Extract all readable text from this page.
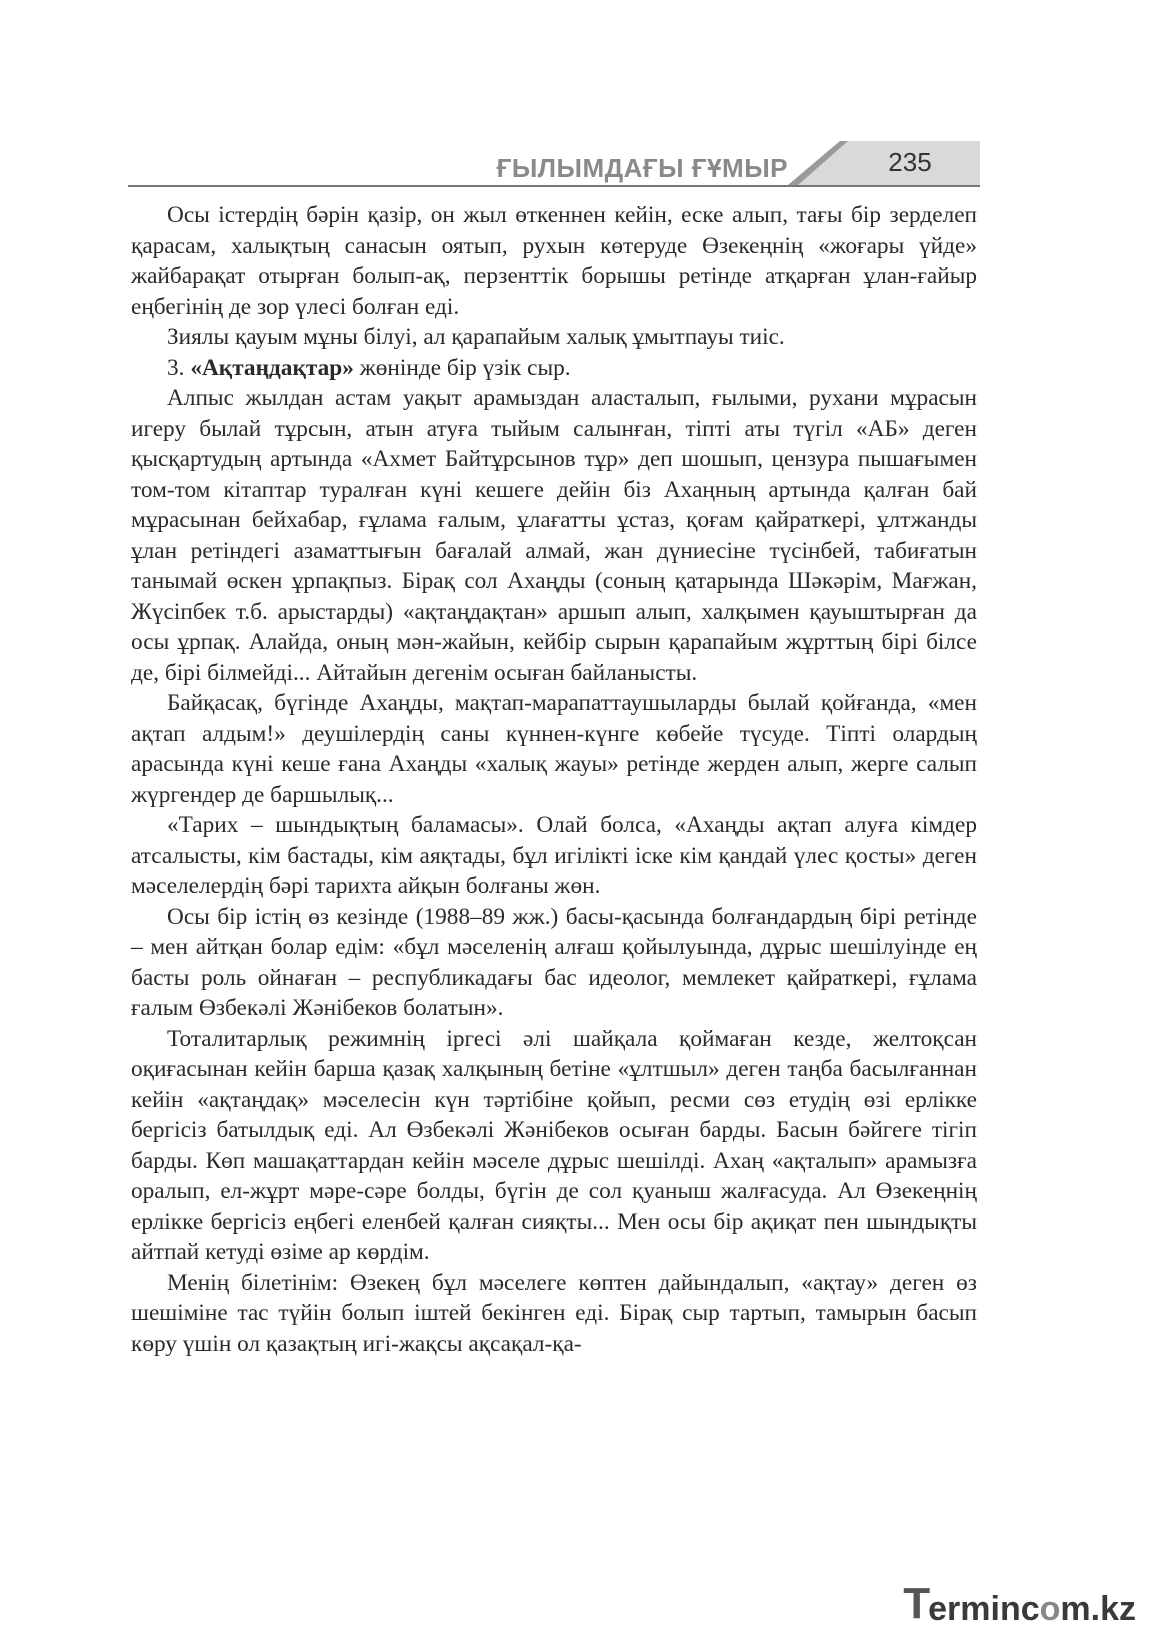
ҒЫЛЫМДАҒЫ ҒҰМЫР	235

Осы істердің бәрін қазір, он жыл өткеннен кейін, еске алып, тағы бір зерделеп қарасам, халықтың санасын оятып, рухын көтеруде Өзекеңнің «жоғары үйде» жайбарақат отырған болып-ақ, перзенттік борышы ретінде атқарған ұлан-ғайыр еңбегінің де зор үлесі болған еді.

Зиялы қауым мұны білуі, ал қарапайым халық ұмытпауы тиіс.

3. «Ақтаңдақтар» жөнінде бір үзік сыр.

Алпыс жылдан астам уақыт арамыздан аласталып, ғылыми, рухани мұрасын игеру былай тұрсын, атын атуға тыйым салынған, тіпті аты түгіл «АБ» деген қысқартудың артында «Ахмет Байтұрсынов тұр» деп шошып, цензура пышағымен том-том кітаптар туралған күні кешеге дейін біз Ахаңның артында қалған бай мұрасынан бейхабар, ғұлама ғалым, ұлағатты ұстаз, қоғам қайраткері, ұлтжанды ұлан ретіндегі азаматтығын бағалай алмай, жан дүниесіне түсінбей, табиғатын танымай өскен ұрпақпыз. Бірақ сол Ахаңды (соның қатарында Шәкәрім, Мағжан, Жүсіпбек т.б. арыстарды) «ақтаңдақтан» аршып алып, халқымен қауыштырған да осы ұрпақ. Алайда, оның мән-жайын, кейбір сырын қарапайым жұрттың бірі білсе де, бірі білмейді... Айтайын дегенім осыған байланысты.

Байқасақ, бүгінде Ахаңды, мақтап-марапаттаушыларды былай қойғанда, «мен ақтап алдым!» деушілердің саны күннен-күнге көбейе түсуде. Тіпті олардың арасында күні кеше ғана Ахаңды «халық жауы» ретінде жерден алып, жерге салып жүргендер де баршылық...

«Тарих – шындықтың баламасы». Олай болса, «Ахаңды ақтап алуға кімдер атсалысты, кім бастады, кім аяқтады, бұл игілікті іске кім қандай үлес қосты» деген мәселелердің бәрі тарихта айқын болғаны жөн.

Осы бір істің өз кезінде (1988–89 жж.) басы-қасында болғандардың бірі ретінде – мен айтқан болар едім: «бұл мәселенің алғаш қойылуында, дұрыс шешілуінде ең басты роль ойнаған – республикадағы бас идеолог, мемлекет қайраткері, ғұлама ғалым Өзбекәлі Жәнібеков болатын».

Тоталитарлық режимнің іргесі әлі шайқала қоймаған кезде, желтоқсан оқиғасынан кейін барша қазақ халқының бетіне «ұлтшыл» деген таңба басылғаннан кейін «ақтаңдақ» мәселесін күн тәртібіне қойып, ресми сөз етудің өзі ерлікке бергісіз батылдық еді. Ал Өзбекәлі Жәнібеков осыған барды. Басын бәйгеге тігіп барды. Көп машақаттардан кейін мәселе дұрыс шешілді. Ахаң «ақталып» арамызға оралып, ел-жұрт мәре-сәре болды, бүгін де сол қуаныш жалғасуда. Ал Өзекеңнің ерлікке бергісіз еңбегі еленбей қалған сияқты... Мен осы бір ақиқат пен шындықты айтпай кетуді өзіме ар көрдім.

Менің білетінім: Өзекең бұл мәселеге көптен дайындалып, «ақтау» деген өз шешіміне тас түйін болып іштей бекінген еді. Бірақ сыр тартып, тамырын басып көру үшін ол қазақтың игі-жақсы ақсақал-қа-

T
erminc o m.kz
